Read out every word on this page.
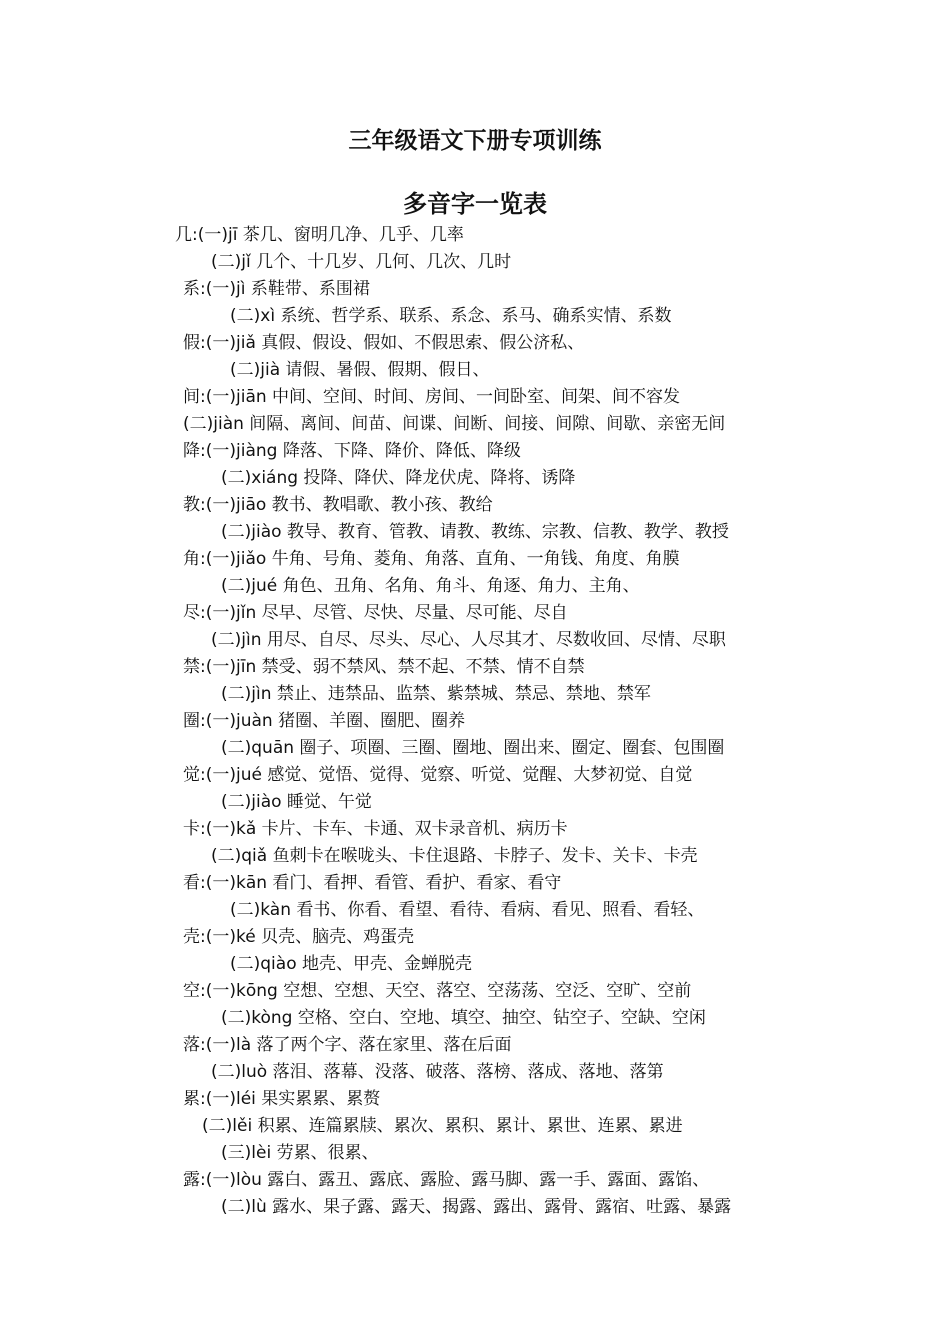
三年级语文下册专项训练
多音字一览表
几:(一)jī 茶几、窗明几净、几乎、几率
(二)jǐ 几个、十几岁、几何、几次、几时
系:(一)jì 系鞋带、系围裙
(二)xì 系统、哲学系、联系、系念、系马、确系实情、系数
假:(一)jiǎ 真假、假设、假如、不假思索、假公济私、
(二)jià 请假、暑假、假期、假日、
间:(一)jiān 中间、空间、时间、房间、一间卧室、间架、间不容发
(二)jiàn 间隔、离间、间苗、间谍、间断、间接、间隙、间歇、亲密无间
降:(一)jiàng 降落、下降、降价、降低、降级
(二)xiáng 投降、降伏、降龙伏虎、降将、诱降
教:(一)jiāo 教书、教唱歌、教小孩、教给
(二)jiào 教导、教育、管教、请教、教练、宗教、信教、教学、教授
角:(一)jiǎo 牛角、号角、菱角、角落、直角、一角钱、角度、角膜
(二)jué 角色、丑角、名角、角斗、角逐、角力、主角、
尽:(一)jǐn 尽早、尽管、尽快、尽量、尽可能、尽自
(二)jìn 用尽、自尽、尽头、尽心、人尽其才、尽数收回、尽情、尽职
禁:(一)jīn 禁受、弱不禁风、禁不起、不禁、情不自禁
(二)jìn 禁止、违禁品、监禁、紫禁城、禁忌、禁地、禁军
圈:(一)juàn 猪圈、羊圈、圈肥、圈养
(二)quān 圈子、项圈、三圈、圈地、圈出来、圈定、圈套、包围圈
觉:(一)jué 感觉、觉悟、觉得、觉察、听觉、觉醒、大梦初觉、自觉
(二)jiào 睡觉、午觉
卡:(一)kǎ 卡片、卡车、卡通、双卡录音机、病历卡
(二)qiǎ 鱼刺卡在喉咙头、卡住退路、卡脖子、发卡、关卡、卡壳
看:(一)kān 看门、看押、看管、看护、看家、看守
(二)kàn 看书、你看、看望、看待、看病、看见、照看、看轻、
壳:(一)ké 贝壳、脑壳、鸡蛋壳
(二)qiào 地壳、甲壳、金蝉脱壳
空:(一)kōng 空想、空想、天空、落空、空荡荡、空泛、空旷、空前
(二)kòng 空格、空白、空地、填空、抽空、钻空子、空缺、空闲
落:(一)là 落了两个字、落在家里、落在后面
(二)luò 落泪、落幕、没落、破落、落榜、落成、落地、落第
累:(一)léi 果实累累、累赘
(二)lěi 积累、连篇累牍、累次、累积、累计、累世、连累、累进
(三)lèi 劳累、很累、
露:(一)lòu 露白、露丑、露底、露脸、露马脚、露一手、露面、露馅、
(二)lù 露水、果子露、露天、揭露、露出、露骨、露宿、吐露、暴露
